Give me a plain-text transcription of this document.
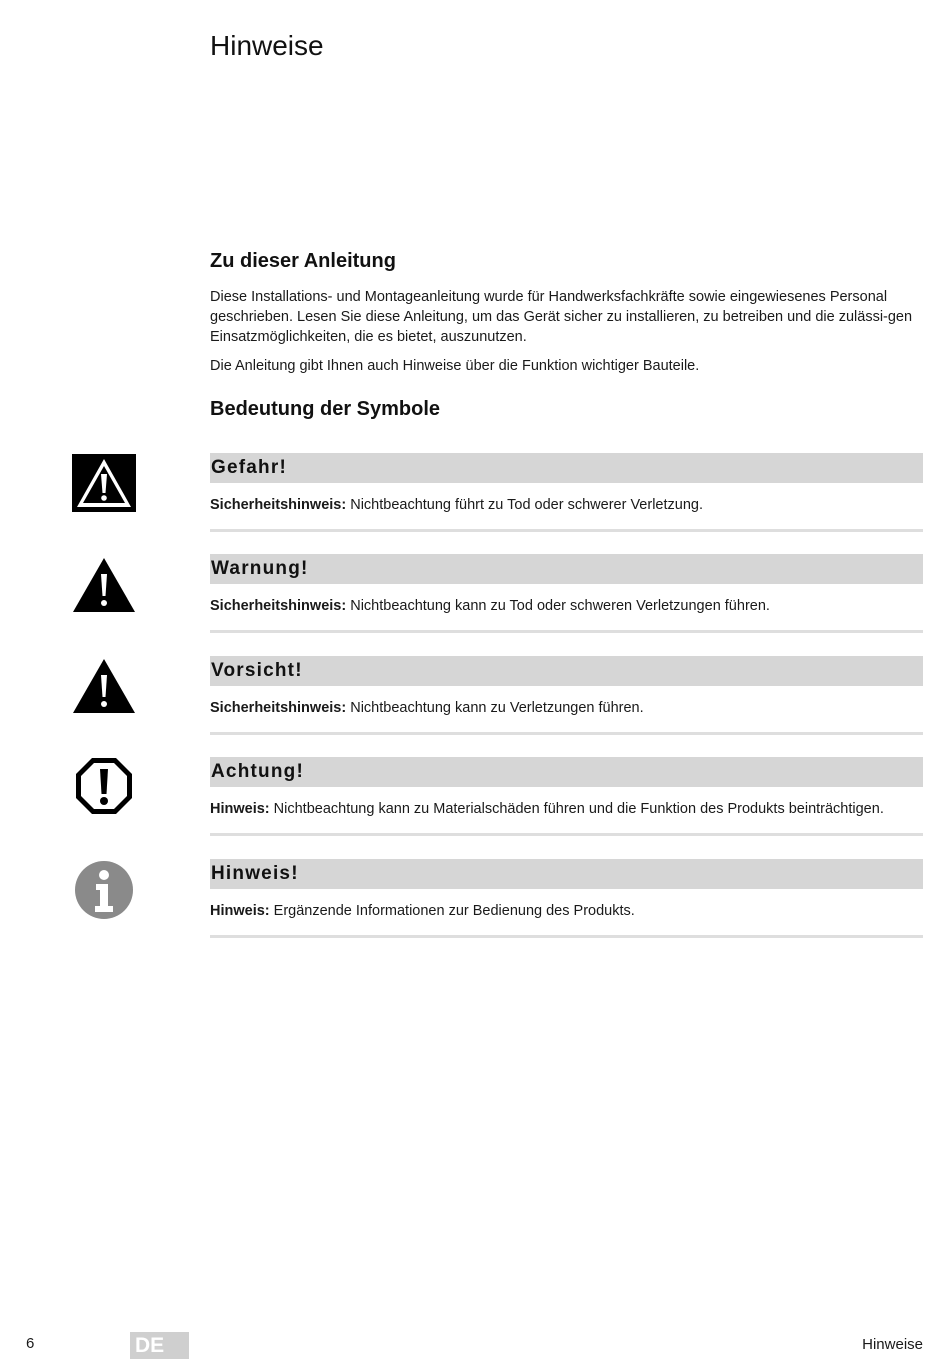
Hinweise
Zu dieser Anleitung

Diese Installations- und Montageanleitung wurde für Handwerksfachkräfte sowie eingewiesenes Personal geschrieben. Lesen Sie diese Anleitung, um das Gerät sicher zu installieren, zu betreiben und die zulässi-gen Einsatzmöglichkeiten, die es bietet, auszunutzen.

Die Anleitung gibt Ihnen auch Hinweise über die Funktion wichtiger Bauteile.

Bedeutung der Symbole
Gefahr!
Sicherheitshinweis: Nichtbeachtung führt zu Tod oder schwerer Verletzung.
Warnung!
Sicherheitshinweis: Nichtbeachtung kann zu Tod oder schweren Verletzungen führen.
Vorsicht!
Sicherheitshinweis: Nichtbeachtung kann zu Verletzungen führen.
Achtung!
Hinweis: Nichtbeachtung kann zu Materialschäden führen und die Funktion des Produkts beinträchtigen.
Hinweis!
Hinweis: Ergänzende Informationen zur Bedienung des Produkts.
6	DE	Hinweise
